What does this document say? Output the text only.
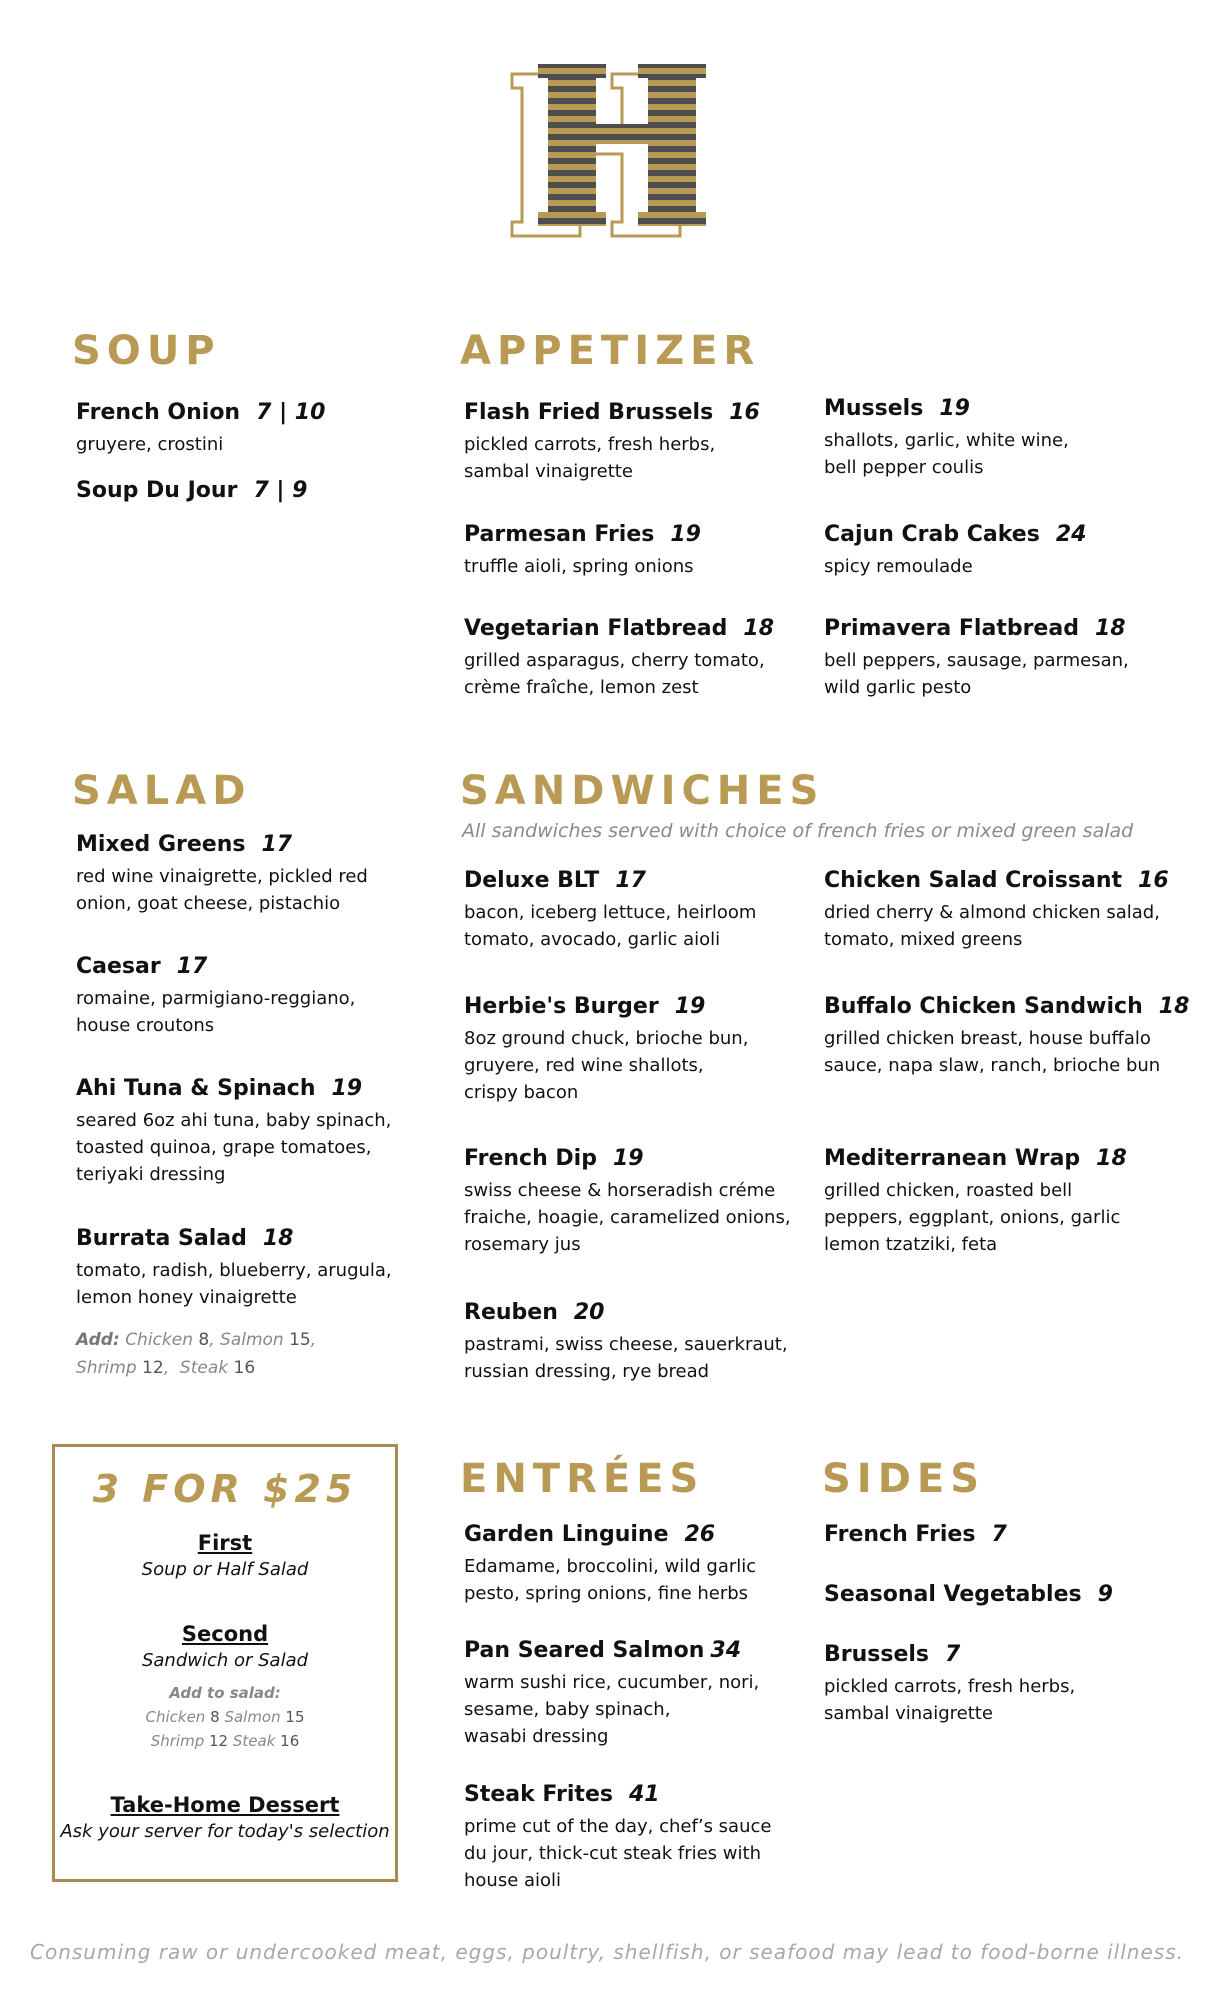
SOUP
French Onion 7 | 10
gruyere, crostini
Soup Du Jour 7 | 9
APPETIZER
Flash Fried Brussels 16
pickled carrots, fresh herbs,
sambal vinaigrette
Mussels 19
shallots, garlic, white wine,
bell pepper coulis
Parmesan Fries 19
truffle aioli, spring onions
Cajun Crab Cakes 24
spicy remoulade
Vegetarian Flatbread 18
grilled asparagus, cherry tomato,
crème fraîche, lemon zest
Primavera Flatbread 18
bell peppers, sausage, parmesan,
wild garlic pesto
SALAD
Mixed Greens 17
red wine vinaigrette, pickled red
onion, goat cheese, pistachio
Caesar 17
romaine, parmigiano-reggiano,
house croutons
Ahi Tuna & Spinach 19
seared 6oz ahi tuna, baby spinach,
toasted quinoa, grape tomatoes,
teriyaki dressing
Burrata Salad 18
tomato, radish, blueberry, arugula,
lemon honey vinaigrette
Add: Chicken 8, Salmon 15,
Shrimp 12,  Steak 16
SANDWICHES
All sandwiches served with choice of french fries or mixed green salad
Deluxe BLT 17
bacon, iceberg lettuce, heirloom
tomato, avocado, garlic aioli
Chicken Salad Croissant 16
dried cherry & almond chicken salad,
tomato, mixed greens
Herbie's Burger 19
8oz ground chuck, brioche bun,
gruyere, red wine shallots,
crispy bacon
Buffalo Chicken Sandwich 18
grilled chicken breast, house buffalo
sauce, napa slaw, ranch, brioche bun
French Dip 19
swiss cheese & horseradish créme
fraiche, hoagie, caramelized onions,
rosemary jus
Mediterranean Wrap 18
grilled chicken, roasted bell
peppers, eggplant, onions, garlic
lemon tzatziki, feta
Reuben 20
pastrami, swiss cheese, sauerkraut,
russian dressing, rye bread
3 FOR $25
First
Soup or Half Salad
Second
Sandwich or Salad
Add to salad:
Chicken 8 Salmon 15
Shrimp 12 Steak 16
Take-Home Dessert
Ask your server for today's selection
ENTRÉES
Garden Linguine 26
Edamame, broccolini, wild garlic
pesto, spring onions, fine herbs
Pan Seared Salmon 34
warm sushi rice, cucumber, nori,
sesame, baby spinach,
wasabi dressing
Steak Frites 41
prime cut of the day, chef’s sauce
du jour, thick-cut steak fries with
house aioli
SIDES
French Fries 7
Seasonal Vegetables 9
Brussels 7
pickled carrots, fresh herbs,
sambal vinaigrette
Consuming raw or undercooked meat, eggs, poultry, shellfish, or seafood may lead to food-borne illness.
